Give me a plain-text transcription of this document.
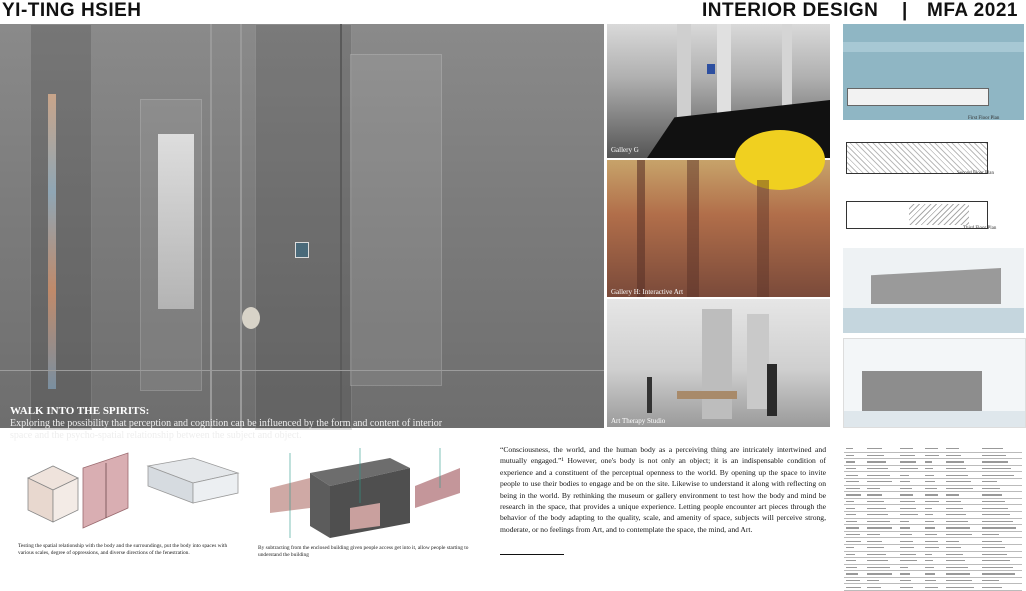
YI-TING HSIEH	INTERIOR DESIGN | MFA 2021
WALK INTO THE SPIRITS:
Exploring the possibility that perception and cognition can be influenced by the form and content of interior space and the psycho-spatial relationship between the subject and object.
Gallery G
Gallery H: Interactive Art
Art Therapy Studio
First Floor Plan
Second Floor Plan
Third Floor Plan
Testing the spatial relationship with the body and the surroundings, put the body into spaces with various scales, degree of oppressions, and diverse directions of the fenestration.
By subtracting from the enclosed building given people access get into it, allow people starting to understand the building
“Consciousness, the world, and the human body as a perceiving thing are intricately intertwined and mutually engaged.”¹ However, one's body is not only an object; it is an indispensable condition of experience and a constituent of the perceptual openness to the world. By opening up the space to invite people to use their bodies to engage and be on the site. Likewise to understand it along with reflecting on being in the world. By rethinking the museum or gallery environment to test how the body and mind be research in the space, that provides a unique experience. Letting people encounter art pieces through the behavior of the body adapting to the quality, scale, and amenity of space, subjects will perceive strong, moderate, or no feelings from Art, and to contemplate the space, the mind, and Art.
